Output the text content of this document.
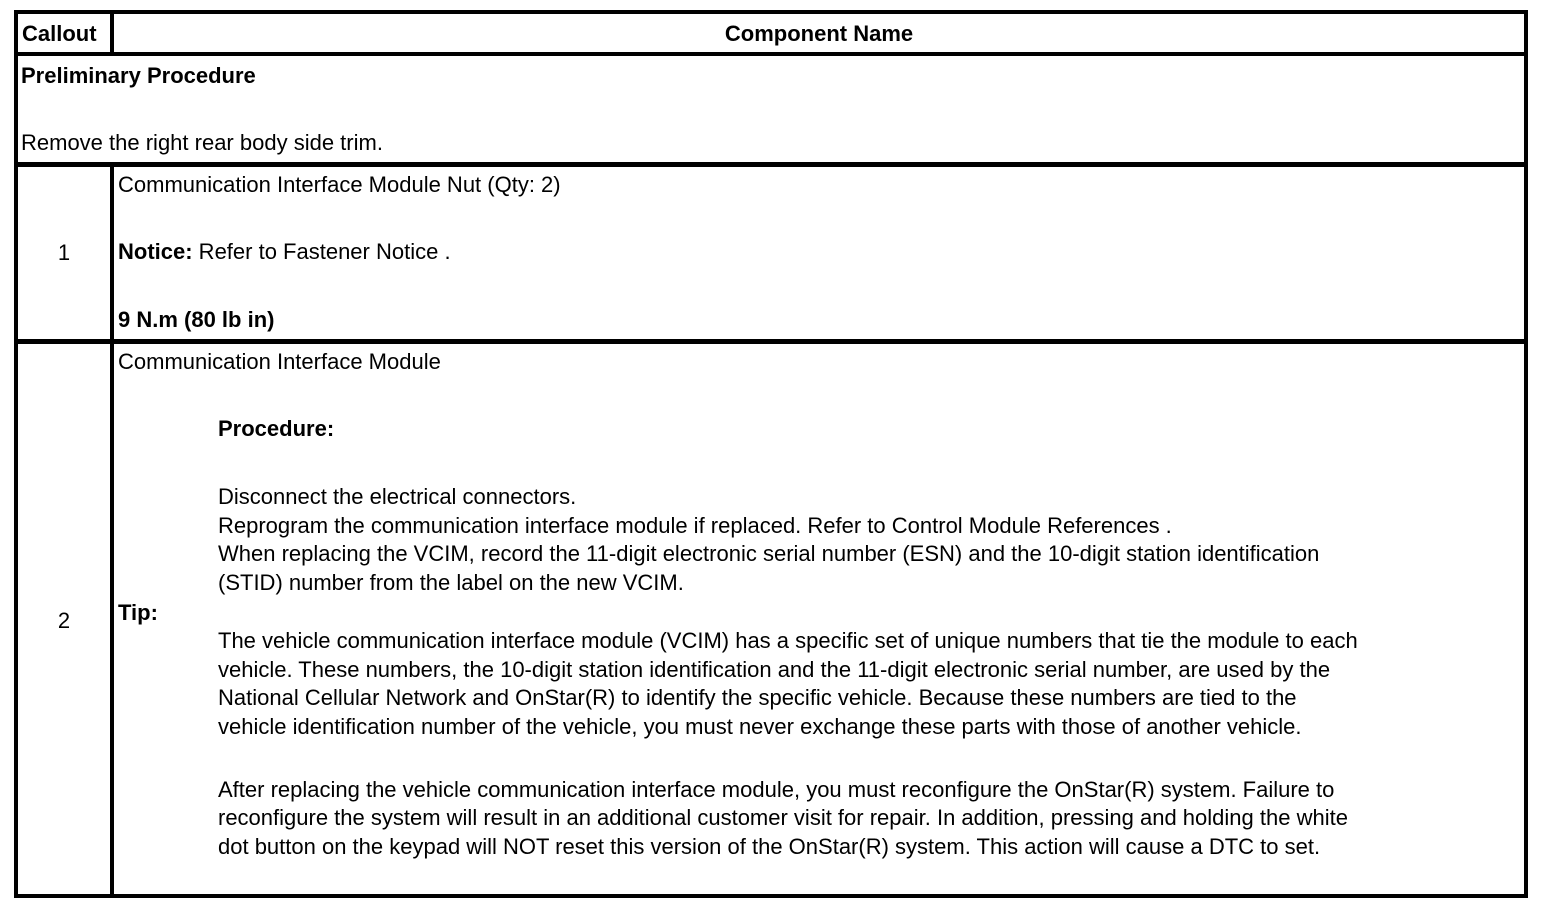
Callout	Component Name
Preliminary Procedure
Remove the right rear body side trim.
1
Communication Interface Module Nut (Qty: 2)
Notice: Refer to Fastener Notice .
9 N.m (80 lb in)
2
Communication Interface Module
Procedure:
Disconnect the electrical connectors.
Reprogram the communication interface module if replaced. Refer to Control Module References .
When replacing the VCIM, record the 11-digit electronic serial number (ESN) and the 10-digit station identification
(STID) number from the label on the new VCIM.
Tip:
The vehicle communication interface module (VCIM) has a specific set of unique numbers that tie the module to each
vehicle. These numbers, the 10-digit station identification and the 11-digit electronic serial number, are used by the
National Cellular Network and OnStar(R) to identify the specific vehicle. Because these numbers are tied to the
vehicle identification number of the vehicle, you must never exchange these parts with those of another vehicle.
After replacing the vehicle communication interface module, you must reconfigure the OnStar(R) system. Failure to
reconfigure the system will result in an additional customer visit for repair. In addition, pressing and holding the white
dot button on the keypad will NOT reset this version of the OnStar(R) system. This action will cause a DTC to set.
